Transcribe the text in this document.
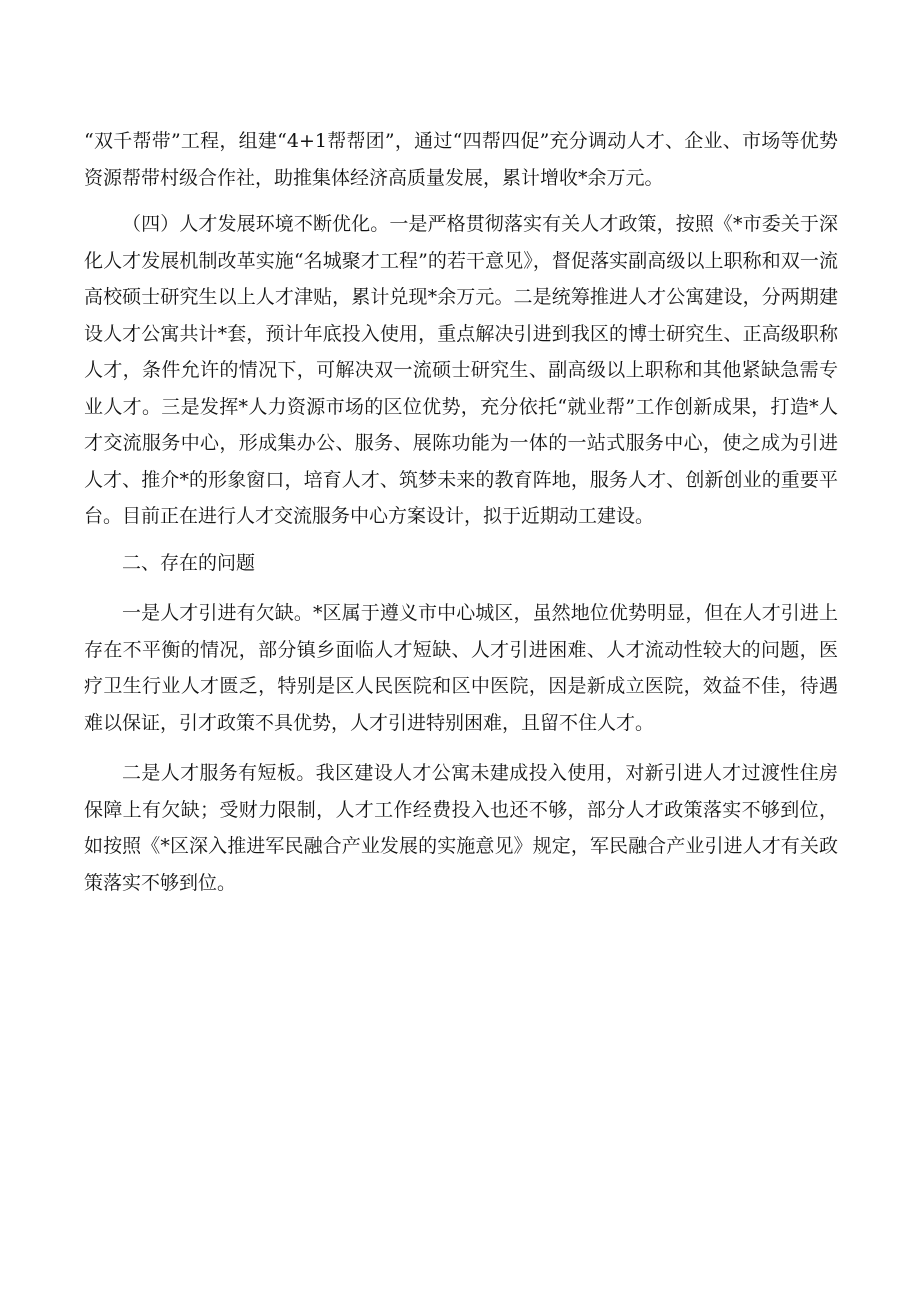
“双千帮带”工程，组建“4+1帮帮团”，通过“四帮四促”充分调动人才、企业、市场等优势资源帮带村级合作社，助推集体经济高质量发展，累计增收*余万元。

（四）人才发展环境不断优化。一是严格贯彻落实有关人才政策，按照《*市委关于深化人才发展机制改革实施“名城聚才工程”的若干意见》，督促落实副高级以上职称和双一流高校硕士研究生以上人才津贴，累计兑现*余万元。二是统筹推进人才公寓建设，分两期建设人才公寓共计*套，预计年底投入使用，重点解决引进到我区的博士研究生、正高级职称人才，条件允许的情况下，可解决双一流硕士研究生、副高级以上职称和其他紧缺急需专业人才。三是发挥*人力资源市场的区位优势，充分依托“就业帮”工作创新成果，打造*人才交流服务中心，形成集办公、服务、展陈功能为一体的一站式服务中心，使之成为引进人才、推介*的形象窗口，培育人才、筑梦未来的教育阵地，服务人才、创新创业的重要平台。目前正在进行人才交流服务中心方案设计，拟于近期动工建设。

二、存在的问题

一是人才引进有欠缺。*区属于遵义市中心城区，虽然地位优势明显，但在人才引进上存在不平衡的情况，部分镇乡面临人才短缺、人才引进困难、人才流动性较大的问题，医疗卫生行业人才匮乏，特别是区人民医院和区中医院，因是新成立医院，效益不佳，待遇难以保证，引才政策不具优势，人才引进特别困难，且留不住人才。

二是人才服务有短板。我区建设人才公寓未建成投入使用，对新引进人才过渡性住房保障上有欠缺；受财力限制，人才工作经费投入也还不够，部分人才政策落实不够到位，如按照《*区深入推进军民融合产业发展的实施意见》规定，军民融合产业引进人才有关政策落实不够到位。
